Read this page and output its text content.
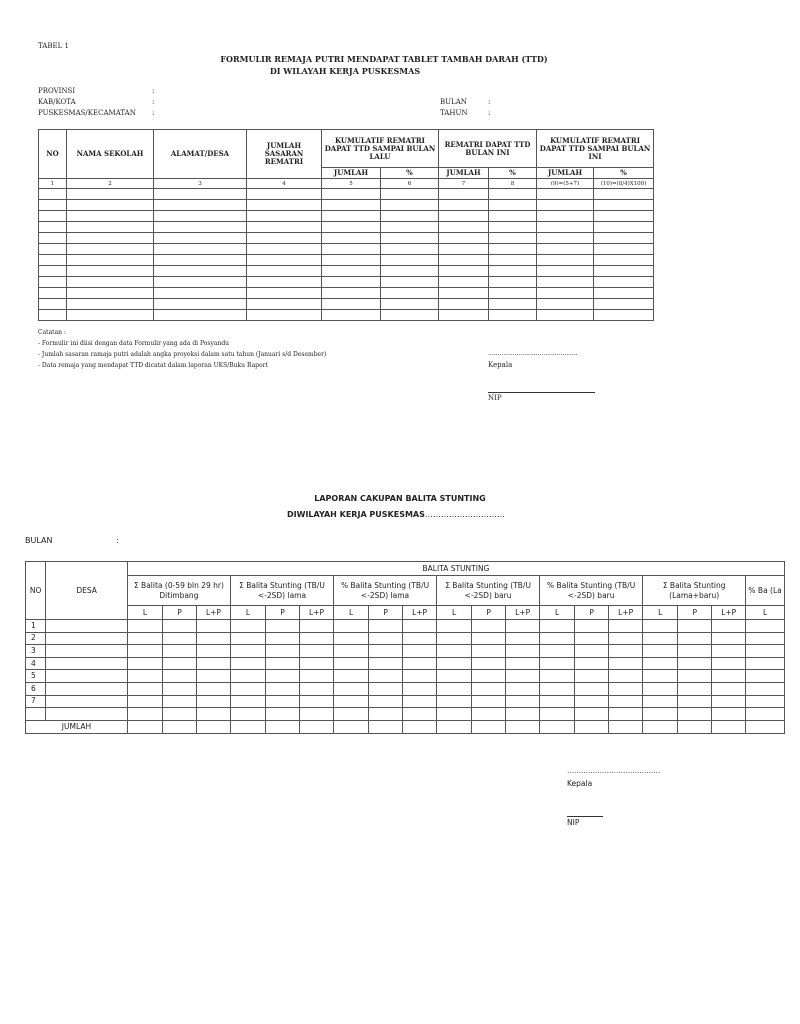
TABEL 1
FORMULIR REMAJA PUTRI MENDAPAT TABLET TAMBAH DARAH (TTD)
DI WILAYAH KERJA PUSKESMAS
PROVINSI	:
KAB/KOTA	:
PUSKESMAS/KECAMATAN :
BULAN	:
TAHUN	:
NO	NAMA SEKOLAH	ALAMAT/DESA	JUMLAH SASARAN REMATRI	KUMULATIF REMATRI DAPAT TTD SAMPAI BULAN LALU		REMATRI DAPAT TTD BULAN INI		KUMULATIF REMATRI DAPAT TTD SAMPAI BULAN INI	
				JUMLAH	%	JUMLAH	%	JUMLAH	%
1	2	3	4	5	6	7	8	(9)=(5+7)	(10)=(8/4)X100)

Catatan :
- Formulir ini diisi dengan data Formulir yang ada di Posyandu
- Jumlah sasaran ramaja putri adalah angka proyeksi dalam satu tahun (Januari s/d Desember)
- Data remaja yang mendapat TTD dicatat dalam laporan UKS/Buku Raport
...............................................
Kepala
NIP
LAPORAN CAKUPAN BALITA STUNTING
DIWILAYAH KERJA PUSKESMAS…………………………
BULAN	:
NO	DESA	BALITA STUNTING																		
		Σ Balita (0-59 bln 29 hr) Ditimbang			Σ Balita Stunting (TB/U <-2SD) lama			% Balita Stunting (TB/U <-2SD) lama			Σ Balita Stunting (TB/U <-2SD) baru			% Balita Stunting (TB/U <-2SD) baru			Σ Balita Stunting (Lama+baru)			% Ba (La
		L	P	L+P	L	P	L+P	L	P	L+P	L	P	L+P	L	P	L+P	L	P	L+P	L
1																				
2																				
3																				
4																				
5																				
6																				
7																				

JUMLAH																				
………………………………….
Kepala
NIP
